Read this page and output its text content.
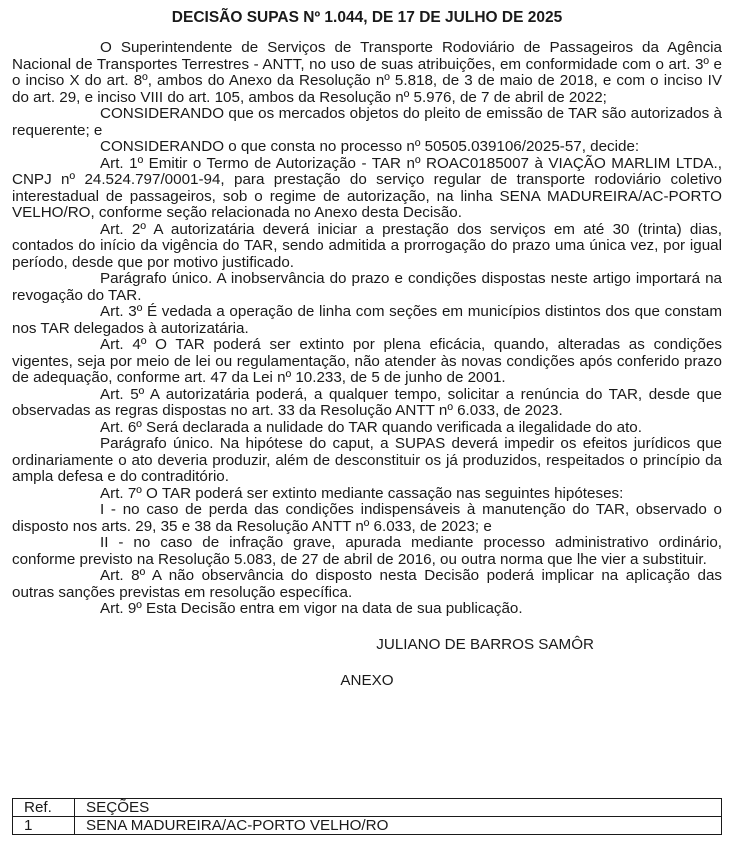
DECISÃO SUPAS Nº 1.044, DE 17 DE JULHO DE 2025

O Superintendente de Serviços de Transporte Rodoviário de Passageiros da Agência Nacional de Transportes Terrestres - ANTT, no uso de suas atribuições, em conformidade com o art. 3º e o inciso X do art. 8º, ambos do Anexo da Resolução nº 5.818, de 3 de maio de 2018, e com o inciso IV do art. 29, e inciso VIII do art. 105, ambos da Resolução nº 5.976, de 7 de abril de 2022;

CONSIDERANDO que os mercados objetos do pleito de emissão de TAR são autorizados à requerente; e

CONSIDERANDO o que consta no processo nº 50505.039106/2025-57, decide:

Art. 1º Emitir o Termo de Autorização - TAR nº ROAC0185007 à VIAÇÃO MARLIM LTDA., CNPJ nº 24.524.797/0001-94, para prestação do serviço regular de transporte rodoviário coletivo interestadual de passageiros, sob o regime de autorização, na linha SENA MADUREIRA/AC-PORTO VELHO/RO, conforme seção relacionada no Anexo desta Decisão.

Art. 2º A autorizatária deverá iniciar a prestação dos serviços em até 30 (trinta) dias, contados do início da vigência do TAR, sendo admitida a prorrogação do prazo uma única vez, por igual período, desde que por motivo justificado.

Parágrafo único. A inobservância do prazo e condições dispostas neste artigo importará na revogação do TAR.

Art. 3º É vedada a operação de linha com seções em municípios distintos dos que constam nos TAR delegados à autorizatária.

Art. 4º O TAR poderá ser extinto por plena eficácia, quando, alteradas as condições vigentes, seja por meio de lei ou regulamentação, não atender às novas condições após conferido prazo de adequação, conforme art. 47 da Lei nº 10.233, de 5 de junho de 2001.

Art. 5º A autorizatária poderá, a qualquer tempo, solicitar a renúncia do TAR, desde que observadas as regras dispostas no art. 33 da Resolução ANTT nº 6.033, de 2023.

Art. 6º Será declarada a nulidade do TAR quando verificada a ilegalidade do ato.

Parágrafo único. Na hipótese do caput, a SUPAS deverá impedir os efeitos jurídicos que ordinariamente o ato deveria produzir, além de desconstituir os já produzidos, respeitados o princípio da ampla defesa e do contraditório.

Art. 7º O TAR poderá ser extinto mediante cassação nas seguintes hipóteses:

I - no caso de perda das condições indispensáveis à manutenção do TAR, observado o disposto nos arts. 29, 35 e 38 da Resolução ANTT nº 6.033, de 2023; e

II - no caso de infração grave, apurada mediante processo administrativo ordinário, conforme previsto na Resolução 5.083, de 27 de abril de 2016, ou outra norma que lhe vier a substituir.

Art. 8º A não observância do disposto nesta Decisão poderá implicar na aplicação das outras sanções previstas em resolução específica.

Art. 9º Esta Decisão entra em vigor na data de sua publicação.

JULIANO DE BARROS SAMÔR
ANEXO
Ref.	SEÇÕES
1	SENA MADUREIRA/AC-PORTO VELHO/RO
